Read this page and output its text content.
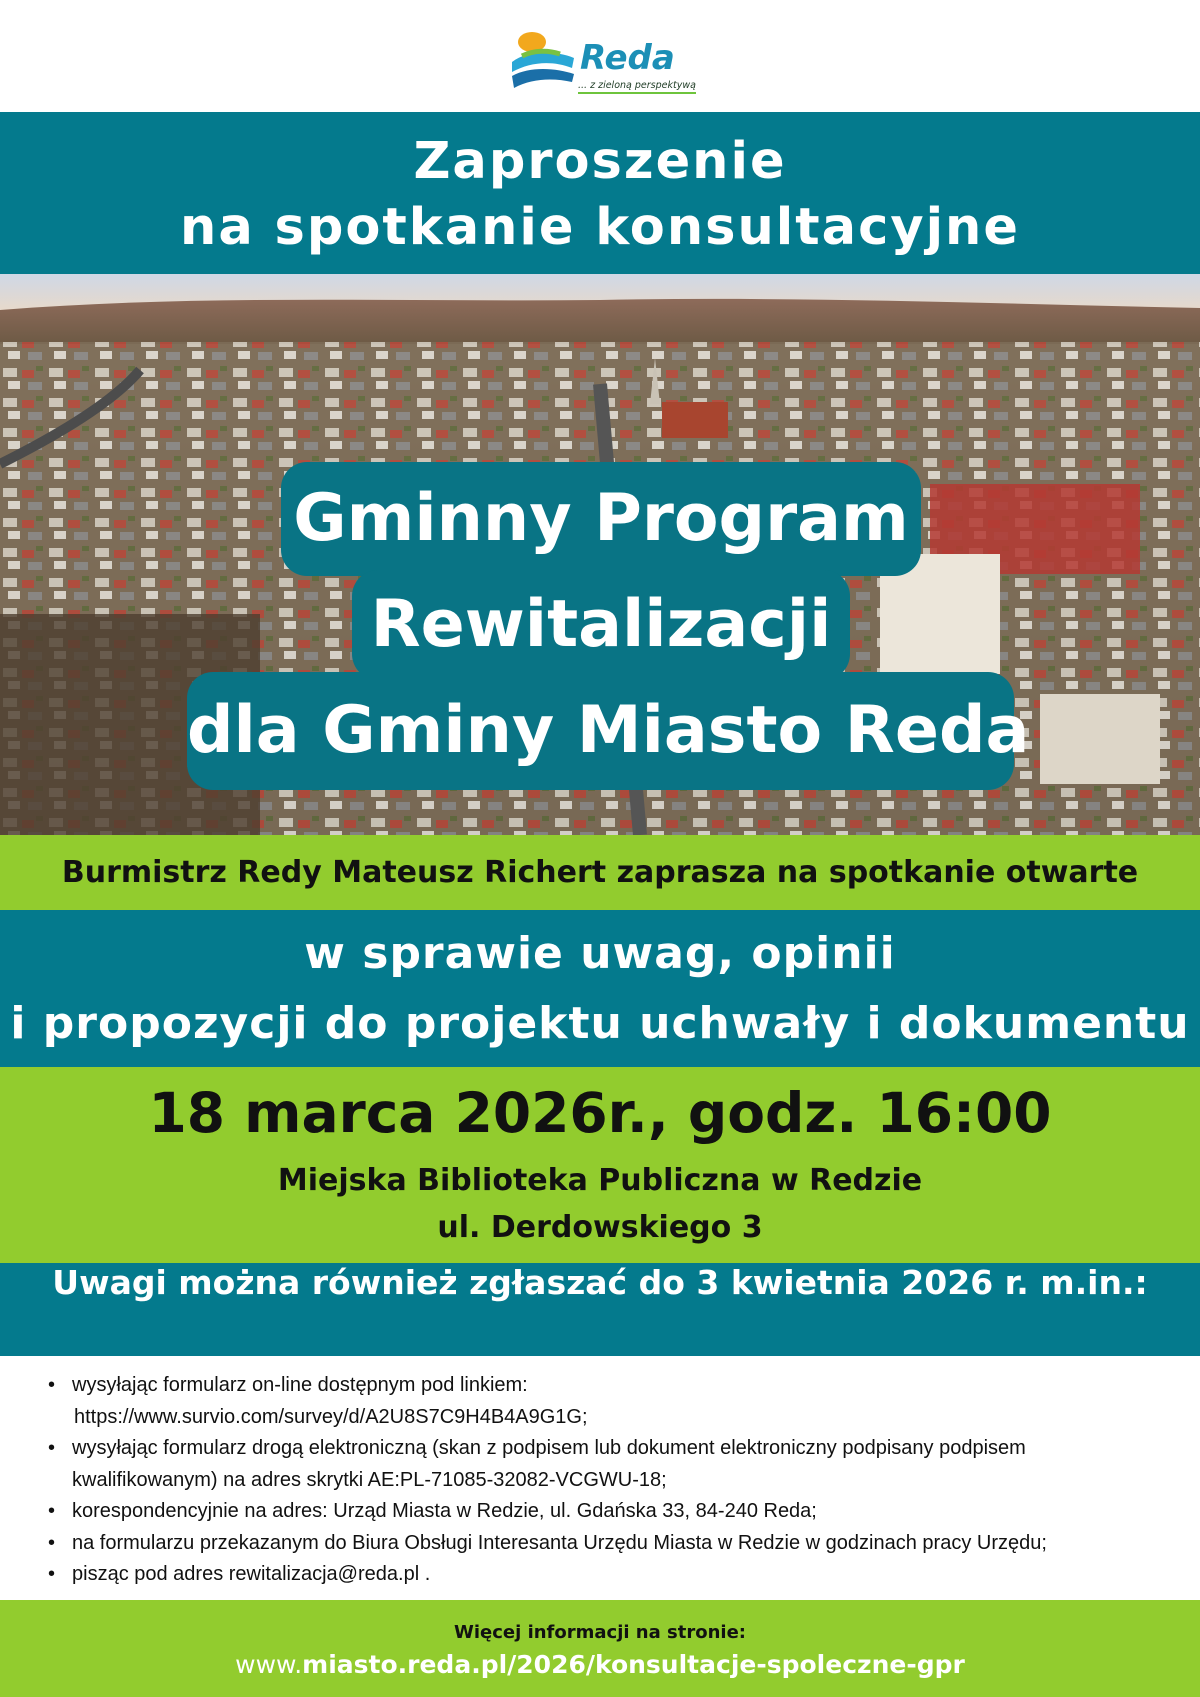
Reda
... z zieloną perspektywą
Zaproszenie
na spotkanie konsultacyjne
Gminny Program
Rewitalizacji
dla Gminy Miasto Reda
Burmistrz Redy Mateusz Richert zaprasza na spotkanie otwarte
w sprawie uwag, opinii
i propozycji do projektu uchwały i dokumentu
18 marca 2026r., godz. 16:00
Miejska Biblioteka Publiczna w Redzie
ul. Derdowskiego 3
Uwagi można również zgłaszać do 3 kwietnia 2026 r. m.in.:
• wysyłając formularz on-line dostępnym pod linkiem:
https://www.survio.com/survey/d/A2U8S7C9H4B4A9G1G;
• wysyłając formularz drogą elektroniczną (skan z podpisem lub dokument elektroniczny podpisany podpisem
kwalifikowanym) na adres skrytki AE:PL-71085-32082-VCGWU-18;
• korespondencyjnie na adres: Urząd Miasta w Redzie, ul. Gdańska 33, 84-240 Reda;
• na formularzu przekazanym do Biura Obsługi Interesanta Urzędu Miasta w Redzie w godzinach pracy Urzędu;
• pisząc pod adres rewitalizacja@reda.pl .
Więcej informacji na stronie:
www.miasto.reda.pl/2026/konsultacje-spoleczne-gpr
